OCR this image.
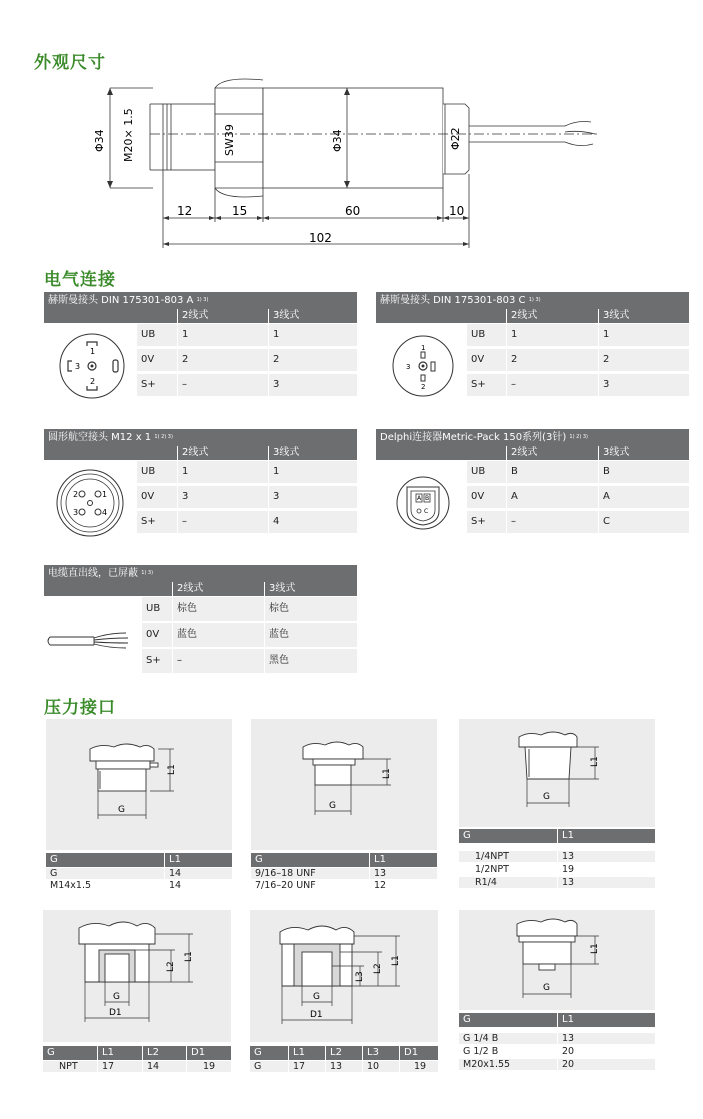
外观尺寸
电气连接
压力接口
Φ34 M20× 1.5	SW39	Φ34	Φ22
12	15	60	10
102
赫斯曼接头 DIN 175301-803 A $^{1) 3)}$
2线式	3线式
1
3
2
UB	1	1
0V	2	2
S+	–	3
赫斯曼接头 DIN 175301-803 C $^{1) 3)}$
2线式	3线式
1
3
2
UB	1	1
0V	2	2
S+	–	3
圆形航空接头 M12 x 1 $^{1) 2) 3)}$
2线式	3线式
2	1
3	4
UB	1	1
0V	3	3
S+	–	4
Delphi连接器Metric-Pack 150系列(3针) $^{1) 2) 3)}$
2线式	3线式
A B
C
UB	B	B
0V	A	A
S+	–	C
电缆直出线，已屏蔽 $^{1) 3)}$
2线式	3线式
UB	棕色	棕色
0V	蓝色	蓝色
S+	–	黑色
L1
G
G	L1
G	14
M14x1.5	14
L1
G
G	L1
9/16–18 UNF	13
7/16–20 UNF	12
L1
G
G	L1
1/4NPT	13
1/2NPT	19
R1/4	13
L1
L2
G
D1
G	L1	L2	D1
NPT	17	14	19
L1
L2
L3
G
D1
G	L1	L2	L3	D1
G	17	13	10	19
L1
G
G	L1
G 1/4 B	13
G 1/2 B	20
M20x1.55	20
